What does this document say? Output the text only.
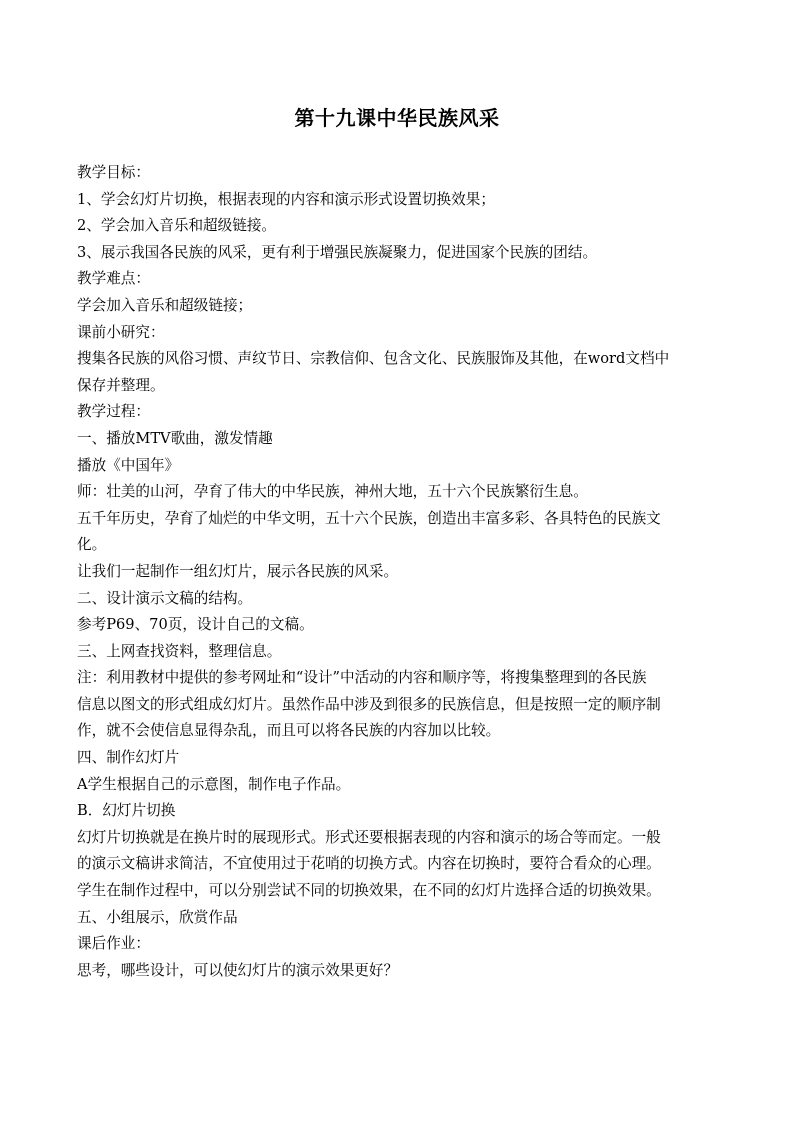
第十九课中华民族风采
教学目标：
1、学会幻灯片切换，根据表现的内容和演示形式设置切换效果；
2、学会加入音乐和超级链接。
3、展示我国各民族的风采，更有利于增强民族凝聚力，促进国家个民族的团结。
教学难点：
学会加入音乐和超级链接；
课前小研究：
搜集各民族的风俗习惯、声纹节日、宗教信仰、包含文化、民族服饰及其他，在word文档中
保存并整理。
教学过程：
一、播放MTV歌曲，激发情趣
播放《中国年》
师：壮美的山河，孕育了伟大的中华民族，神州大地，五十六个民族繁衍生息。
五千年历史，孕育了灿烂的中华文明，五十六个民族，创造出丰富多彩、各具特色的民族文
化。
让我们一起制作一组幻灯片，展示各民族的风采。
二、设计演示文稿的结构。
参考P69、70页，设计自己的文稿。
三、上网查找资料，整理信息。
注：利用教材中提供的参考网址和“设计”中活动的内容和顺序等，将搜集整理到的各民族
信息以图文的形式组成幻灯片。虽然作品中涉及到很多的民族信息，但是按照一定的顺序制
作，就不会使信息显得杂乱，而且可以将各民族的内容加以比较。
四、制作幻灯片
A学生根据自己的示意图，制作电子作品。
B．幻灯片切换
幻灯片切换就是在换片时的展现形式。形式还要根据表现的内容和演示的场合等而定。一般
的演示文稿讲求简洁，不宜使用过于花哨的切换方式。内容在切换时，要符合看众的心理。
学生在制作过程中，可以分别尝试不同的切换效果，在不同的幻灯片选择合适的切换效果。
五、小组展示，欣赏作品
课后作业：
思考，哪些设计，可以使幻灯片的演示效果更好？
